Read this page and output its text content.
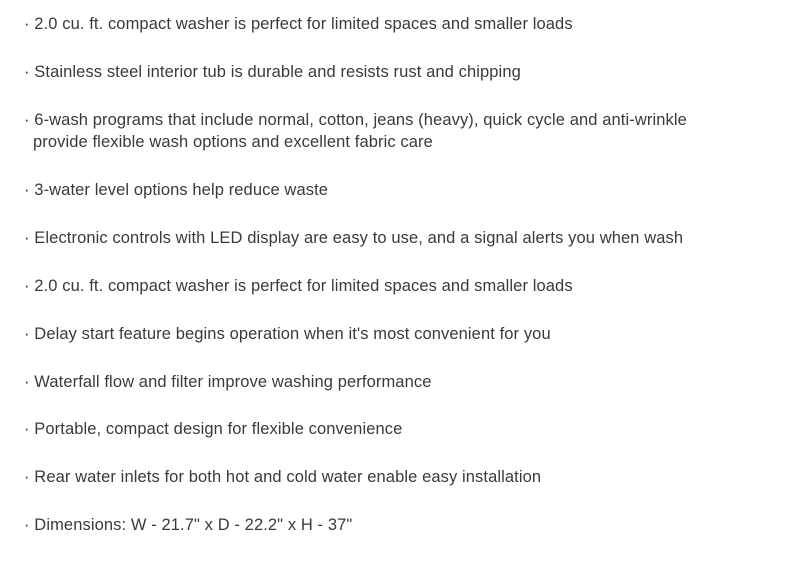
· 2.0 cu. ft. compact washer is perfect for limited spaces and smaller loads

· Stainless steel interior tub is durable and resists rust and chipping

· 6-wash programs that include normal, cotton, jeans (heavy), quick cycle and anti-wrinkle provide flexible wash options and excellent fabric care

· 3-water level options help reduce waste

· Electronic controls with LED display are easy to use, and a signal alerts you when wash

· 2.0 cu. ft. compact washer is perfect for limited spaces and smaller loads

· Delay start feature begins operation when it's most convenient for you

· Waterfall flow and filter improve washing performance

· Portable, compact design for flexible convenience

· Rear water inlets for both hot and cold water enable easy installation

· Dimensions: W - 21.7" x D - 22.2" x H - 37"
